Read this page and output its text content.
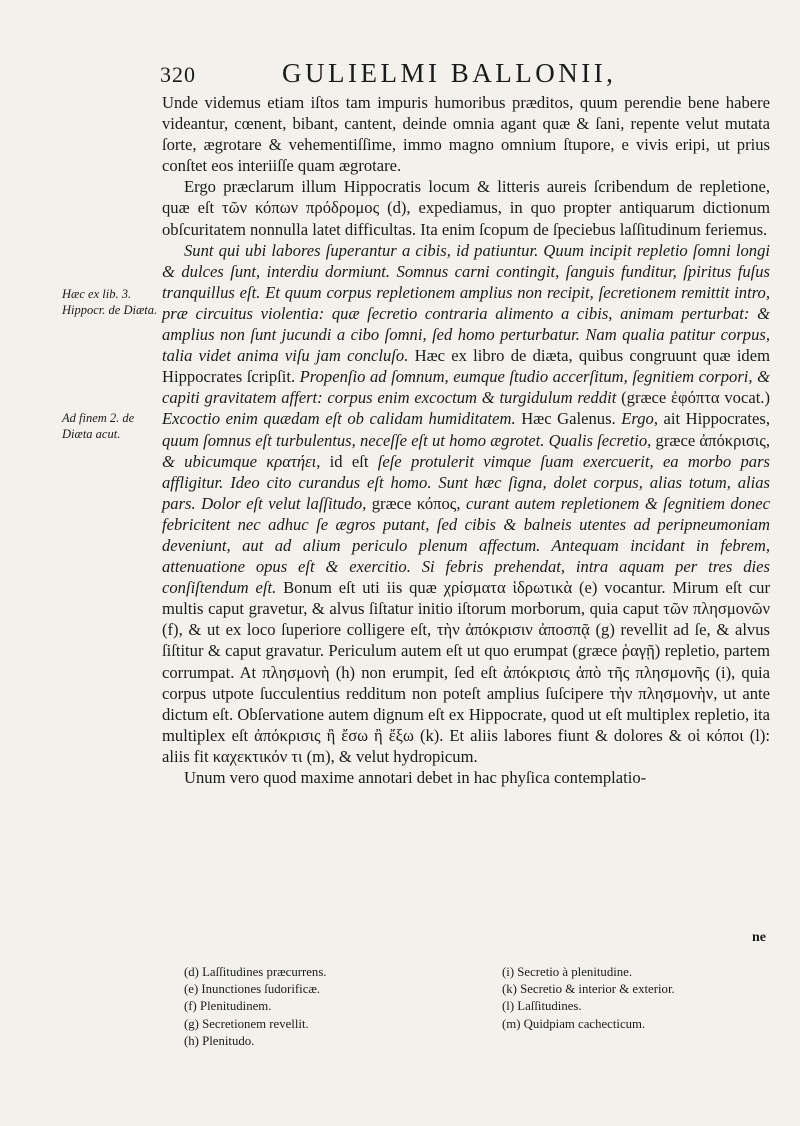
320	GULIELMI BALLONII,
Hæc ex lib. 3. Hippocr. de Diæta.
Ad finem 2. de Diæta acut.

Unde videmus etiam iſtos tam impuris humoribus præditos, quum perendie bene habere videantur, cœnent, bibant, cantent, deinde omnia agant quæ & ſani, repente velut mutata ſorte, ægrotare & vehementiſſime, immo magno omnium ſtupore, e vivis eripi, ut prius conſtet eos interiiſſe quam ægrotare.

Ergo præclarum illum Hippocratis locum & litteris aureis ſcribendum de repletione, quæ eſt τῶν κόπων πρόδρομος (d), expediamus, in quo propter antiquarum dictionum obſcuritatem nonnulla latet difficultas. Ita enim ſcopum de ſpeciebus laſſitudinum feriemus.

Sunt qui ubi labores ſuperantur a cibis, id patiuntur. Quum incipit repletio ſomni longi & dulces ſunt, interdiu dormiunt. Somnus carni contingit, ſanguis funditur, ſpiritus fuſus tranquillus eſt. Et quum corpus repletionem amplius non recipit, ſecretionem remittit intro, præ circuitus violentia: quæ ſecretio contraria alimento a cibis, animam perturbat: & amplius non ſunt jucundi a cibo ſomni, ſed homo perturbatur. Nam qualia patitur corpus, talia videt anima viſu jam concluſo. Hæc ex libro de diæta, quibus congruunt quæ idem Hippocrates ſcripſit. Propenſio ad ſomnum, eumque ſtudio accerſitum, ſegnitiem corpori, & capiti gravitatem affert: corpus enim excoctum & turgidulum reddit (græce ἐφόπτα vocat.) Excoctio enim quædam eſt ob calidam humiditatem. Hæc Galenus. Ergo, ait Hippocrates, quum ſomnus eſt turbulentus, neceſſe eſt ut homo ægrotet. Qualis ſecretio, græce ἀπόκρισις, & ubicumque κρατήει, id eſt ſeſe protulerit vimque ſuam exercuerit, ea morbo pars affligitur. Ideo cito curandus eſt homo. Sunt hæc ſigna, dolet corpus, alias totum, alias pars. Dolor eſt velut laſſitudo, græce κόπος, curant autem repletionem & ſegnitiem donec febricitent nec adhuc ſe ægros putant, ſed cibis & balneis utentes ad peripneumoniam deveniunt, aut ad alium periculo plenum affectum. Antequam incidant in febrem, attenuatione opus eſt & exercitio. Si febris prehendat, intra aquam per tres dies conſiſtendum eſt. Bonum eſt uti iis quæ χρίσματα ἱδρωτικὰ (e) vocantur. Mirum eſt cur multis caput gravetur, & alvus ſiſtatur initio iſtorum morborum, quia caput τῶν πλησμονῶν (f), & ut ex loco ſuperiore colligere eſt, τὴν ἀπόκρισιν ἀποσπᾷ (g) revellit ad ſe, & alvus ſiſtitur & caput gravatur. Periculum autem eſt ut quo erumpat (græce ῥαγῇ) repletio, partem corrumpat. At πλησμονὴ (h) non erumpit, ſed eſt ἀπόκρισις ἀπὸ τῆς πλησμονῆς (i), quia corpus utpote ſucculentius redditum non poteſt amplius ſuſcipere τὴν πλησμονὴν, ut ante dictum eſt. Obſervatione autem dignum eſt ex Hippocrate, quod ut eſt multiplex repletio, ita multiplex eſt ἀπόκρισις ἢ ἔσω ἢ ἔξω (k). Et aliis labores fiunt & dolores & οἱ κόποι (l): aliis fit καχεκτικόν τι (m), & velut hydropicum.

Unum vero quod maxime annotari debet in hac phyſica contemplatio-

ne
(d) Laſſitudines præcurrens.
(e) Inunctiones ſudorificæ.
(f) Plenitudinem.
(g) Secretionem revellit.
(h) Plenitudo.
(i) Secretio à plenitudine.
(k) Secretio & interior & exterior.
(l) Laſſitudines.
(m) Quidpiam cachecticum.
